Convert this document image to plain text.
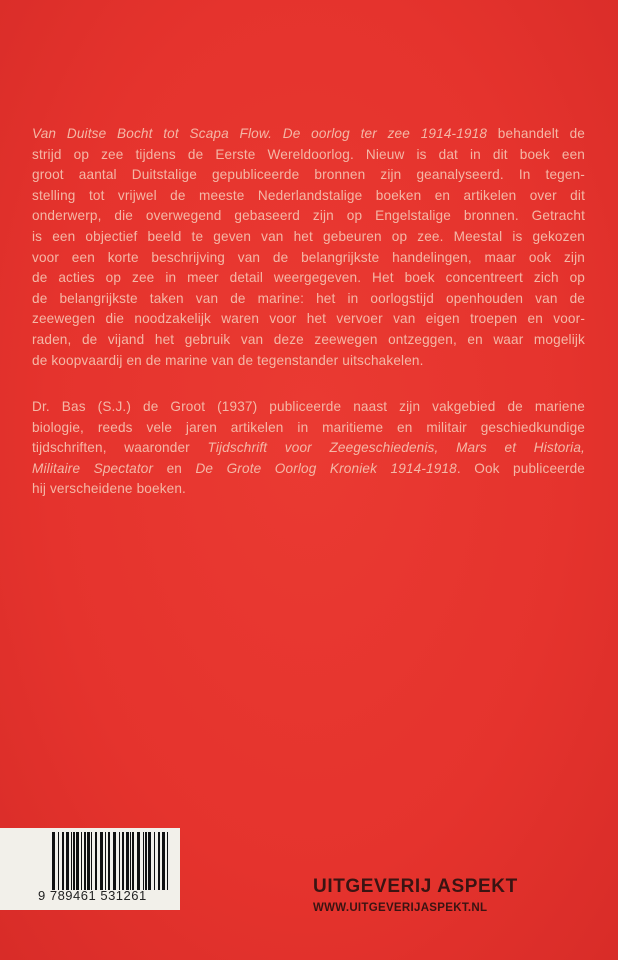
Van Duitse Bocht tot Scapa Flow. De oorlog ter zee 1914-1918 behandelt de
strijd op zee tijdens de Eerste Wereldoorlog. Nieuw is dat in dit boek een
groot aantal Duitstalige gepubliceerde bronnen zijn geanalyseerd. In tegen-
stelling tot vrijwel de meeste Nederlandstalige boeken en artikelen over dit
onderwerp, die overwegend gebaseerd zijn op Engelstalige bronnen. Getracht
is een objectief beeld te geven van het gebeuren op zee. Meestal is gekozen
voor een korte beschrijving van de belangrijkste handelingen, maar ook zijn
de acties op zee in meer detail weergegeven. Het boek concentreert zich op
de belangrijkste taken van de marine: het in oorlogstijd openhouden van de
zeewegen die noodzakelijk waren voor het vervoer van eigen troepen en voor-
raden, de vijand het gebruik van deze zeewegen ontzeggen, en waar mogelijk
de koopvaardij en de marine van de tegenstander uitschakelen.
Dr. Bas (S.J.) de Groot (1937) publiceerde naast zijn vakgebied de mariene
biologie, reeds vele jaren artikelen in maritieme en militair geschiedkundige
tijdschriften, waaronder Tijdschrift voor Zeegeschiedenis, Mars et Historia,
Militaire Spectator en De Grote Oorlog Kroniek 1914-1918. Ook publiceerde
hij verscheidene boeken.
9 789461 531261	UITGEVERIJ ASPEKT
WWW.UITGEVERIJASPEKT.NL
